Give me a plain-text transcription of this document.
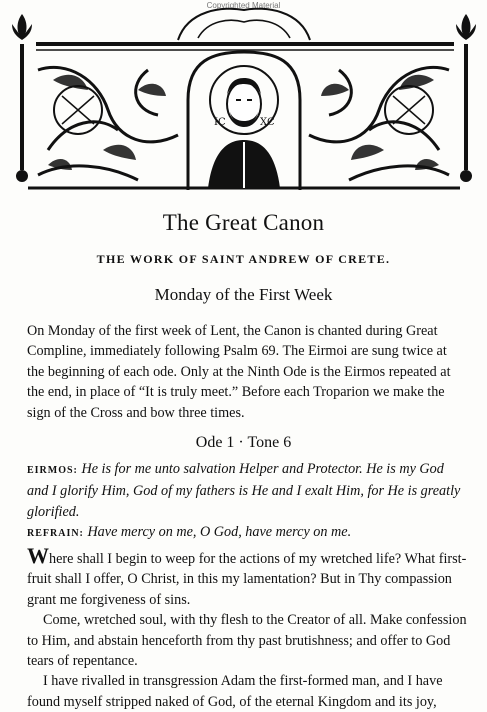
Copyrighted Material
IC	XC
The Great Canon
THE WORK OF SAINT ANDREW OF CRETE.
Monday of the First Week
On Monday of the first week of Lent, the Canon is chanted during Great Compline, immediately following Psalm 69. The Eirmoi are sung twice at the beginning of each ode. Only at the Ninth Ode is the Eirmos repeated at the end, in place of “It is truly meet.” Before each Troparion we make the sign of the Cross and bow three times.
Ode 1 · Tone 6
EIRMOS: He is for me unto salvation Helper and Protector. He is my God and I glorify Him, God of my fathers is He and I exalt Him, for He is greatly glorified.
REFRAIN: Have mercy on me, O God, have mercy on me.

Where shall I begin to weep for the actions of my wretched life? What first-fruit shall I offer, O Christ, in this my lamentation? But in Thy compassion grant me forgiveness of sins.

Come, wretched soul, with thy flesh to the Creator of all. Make confession to Him, and abstain henceforth from thy past brutishness; and offer to God tears of repentance.

I have rivalled in transgression Adam the first-formed man, and I have found myself stripped naked of God, of the eternal Kingdom and its joy,
